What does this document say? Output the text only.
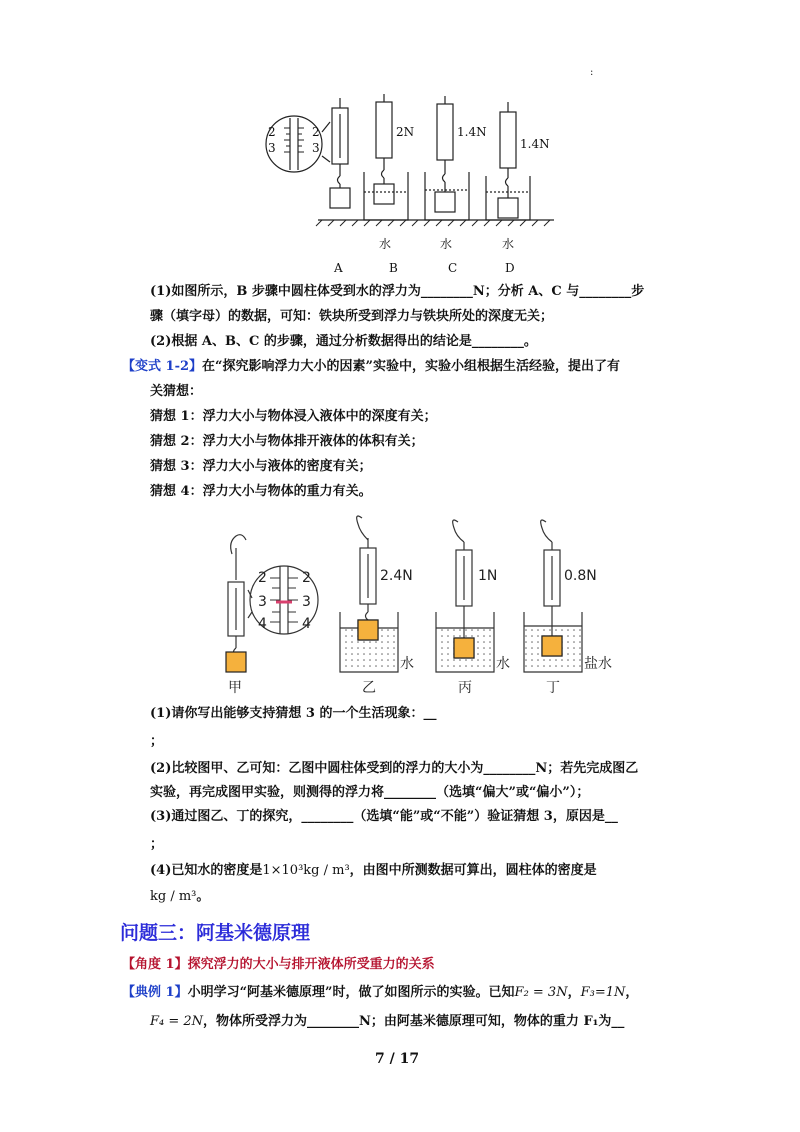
:
2
3
2
3
2N	1.4N
1.4N
水	水	水
A	B	C	D
(1)如图所示，B 步骤中圆柱体受到水的浮力为________N；分析 A、C 与________步
骤（填字母）的数据，可知：铁块所受到浮力与铁块所处的深度无关；
(2)根据 A、B、C 的步骤，通过分析数据得出的结论是________。
【变式 1-2】在“探究影响浮力大小的因素”实验中，实验小组根据生活经验，提出了有
关猜想：
猜想 1：浮力大小与物体浸入液体中的深度有关；
猜想 2：浮力大小与物体排开液体的体积有关；
猜想 3：浮力大小与液体的密度有关；
猜想 4：浮力大小与物体的重力有关。
2
3
4
2
3
4
2.4N	1N	0.8N
水	水	盐水
甲	乙	丙	丁
(1)请你写出能够支持猜想 3 的一个生活现象：__
；
(2)比较图甲、乙可知：乙图中圆柱体受到的浮力的大小为________N；若先完成图乙
实验，再完成图甲实验，则测得的浮力将________（选填“偏大”或“偏小”）；
(3)通过图乙、丁的探究，________（选填“能”或“不能”）验证猜想 3，原因是__
；
(4)已知水的密度是1×10³kg / m³，由图中所测数据可算出，圆柱体的密度是
kg / m³。
问题三：阿基米德原理
【角度 1】探究浮力的大小与排开液体所受重力的关系
【典例 1】小明学习“阿基米德原理”时，做了如图所示的实验。已知F₂ = 3N，F₃=1N，
F₄ = 2N，物体所受浮力为________N；由阿基米德原理可知，物体的重力 F₁为__
7 / 17
